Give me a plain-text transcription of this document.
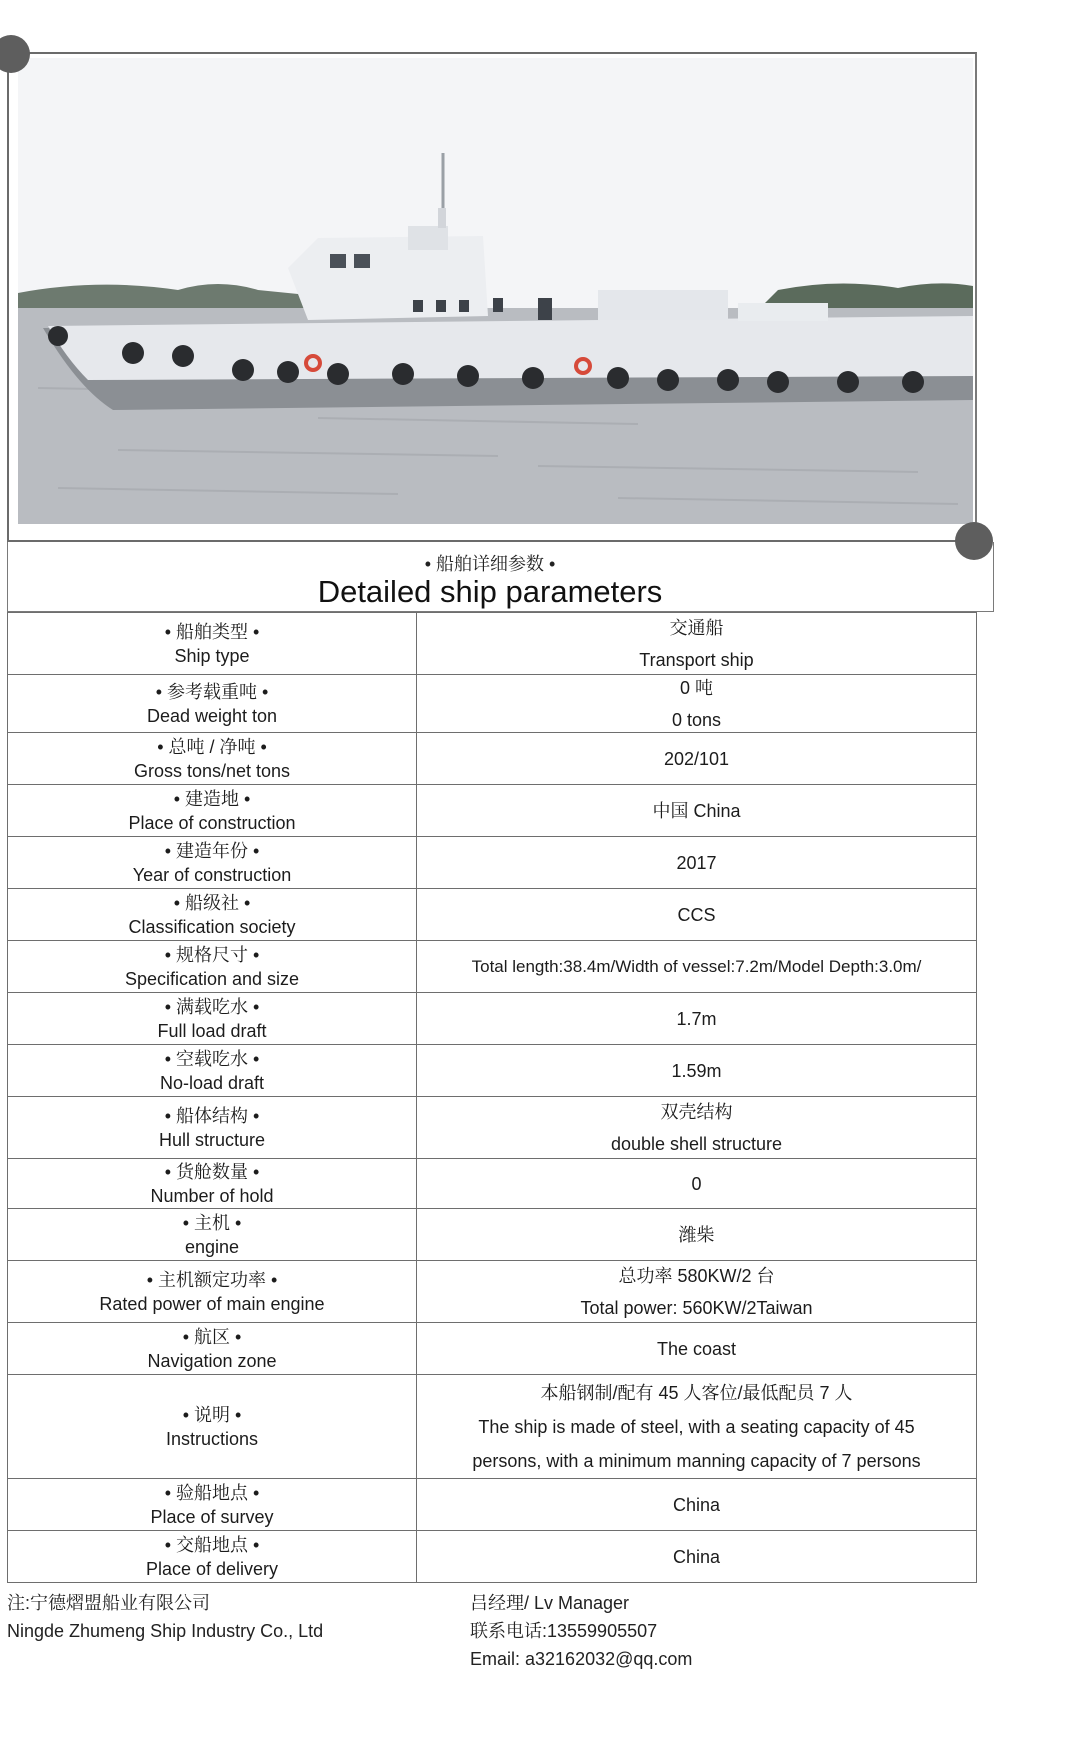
• 船舶详细参数 •
Detailed ship parameters
• 船舶类型 •
Ship type	交通船
Transport ship

• 参考载重吨 •
Dead weight ton	0 吨
0 tons

• 总吨 / 净吨 •
Gross tons/net tons	202/101

• 建造地 •
Place of construction	中国 China

• 建造年份 •
Year of construction	2017

• 船级社 •
Classification society	CCS

• 规格尺寸 •
Specification and size	Total length:38.4m/Width of vessel:7.2m/Model Depth:3.0m/

• 满载吃水 •
Full load draft	1.7m

• 空载吃水 •
No-load draft	1.59m

• 船体结构 •
Hull structure	双壳结构
double shell structure

• 货舱数量 •
Number of hold	0

• 主机 •
engine	潍柴

• 主机额定功率 •
Rated power of main engine	总功率 580KW/2 台
Total power: 560KW/2Taiwan

• 航区 •
Navigation zone	The coast

• 说明 •
Instructions	本船钢制/配有 45 人客位/最低配员 7 人
The ship is made of steel, with a seating capacity of 45
persons, with a minimum manning capacity of 7 persons

• 验船地点 •
Place of survey	China

• 交船地点 •
Place of delivery	China
注:宁德熠盟船业有限公司
Ningde Zhumeng Ship Industry Co., Ltd
吕经理/ Lv Manager
联系电话:13559905507
Email: a32162032@qq.com
